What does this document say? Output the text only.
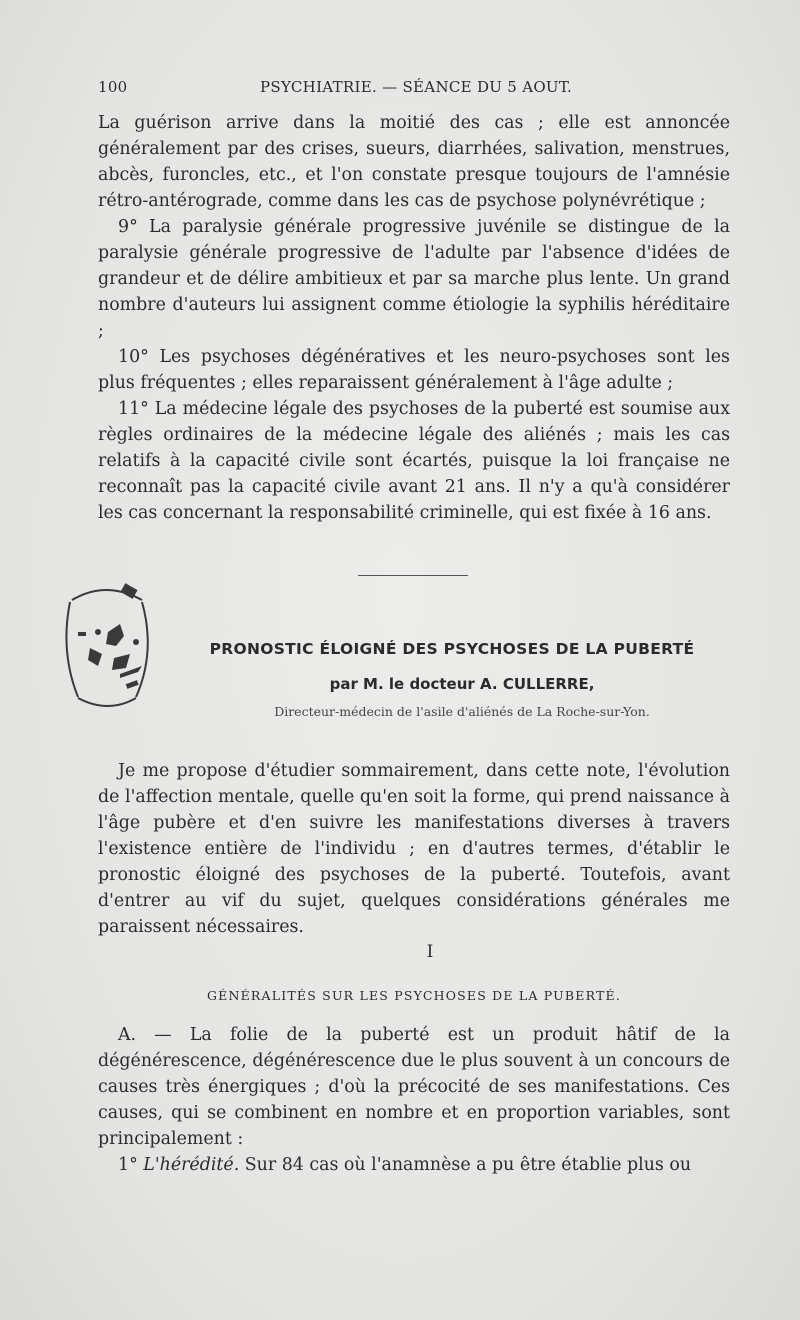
100	PSYCHIATRIE. — SÉANCE DU 5 AOUT.

La guérison arrive dans la moitié des cas ; elle est annoncée généralement par des crises, sueurs, diarrhées, salivation, menstrues, abcès, furoncles, etc., et l'on constate presque toujours de l'amnésie rétro-antérograde, comme dans les cas de psychose polynévrétique ;

9° La paralysie générale progressive juvénile se distingue de la paralysie générale progressive de l'adulte par l'absence d'idées de grandeur et de délire ambitieux et par sa marche plus lente. Un grand nombre d'auteurs lui assignent comme étiologie la syphilis héréditaire ;

10° Les psychoses dégénératives et les neuro-psychoses sont les plus fréquentes ; elles reparaissent généralement à l'âge adulte ;

11° La médecine légale des psychoses de la puberté est soumise aux règles ordinaires de la médecine légale des aliénés ; mais les cas relatifs à la capacité civile sont écartés, puisque la loi française ne reconnaît pas la capacité civile avant 21 ans. Il n'y a qu'à considérer les cas concernant la responsabilité criminelle, qui est fixée à 16 ans.

PRONOSTIC ÉLOIGNÉ DES PSYCHOSES DE LA PUBERTÉ
par M. le docteur A. CULLERRE,
Directeur-médecin de l'asile d'aliénés de La Roche-sur-Yon.

Je me propose d'étudier sommairement, dans cette note, l'évolution de l'affection mentale, quelle qu'en soit la forme, qui prend naissance à l'âge pubère et d'en suivre les manifestations diverses à travers l'existence entière de l'individu ; en d'autres termes, d'établir le pronostic éloigné des psychoses de la puberté. Toutefois, avant d'entrer au vif du sujet, quelques considérations générales me paraissent nécessaires.

I
GÉNÉRALITÉS SUR LES PSYCHOSES DE LA PUBERTÉ.

A. — La folie de la puberté est un produit hâtif de la dégénérescence, dégénérescence due le plus souvent à un concours de causes très énergiques ; d'où la précocité de ses manifestations. Ces causes, qui se combinent en nombre et en proportion variables, sont principalement :

1° L'hérédité. Sur 84 cas où l'anamnèse a pu être établie plus ou
